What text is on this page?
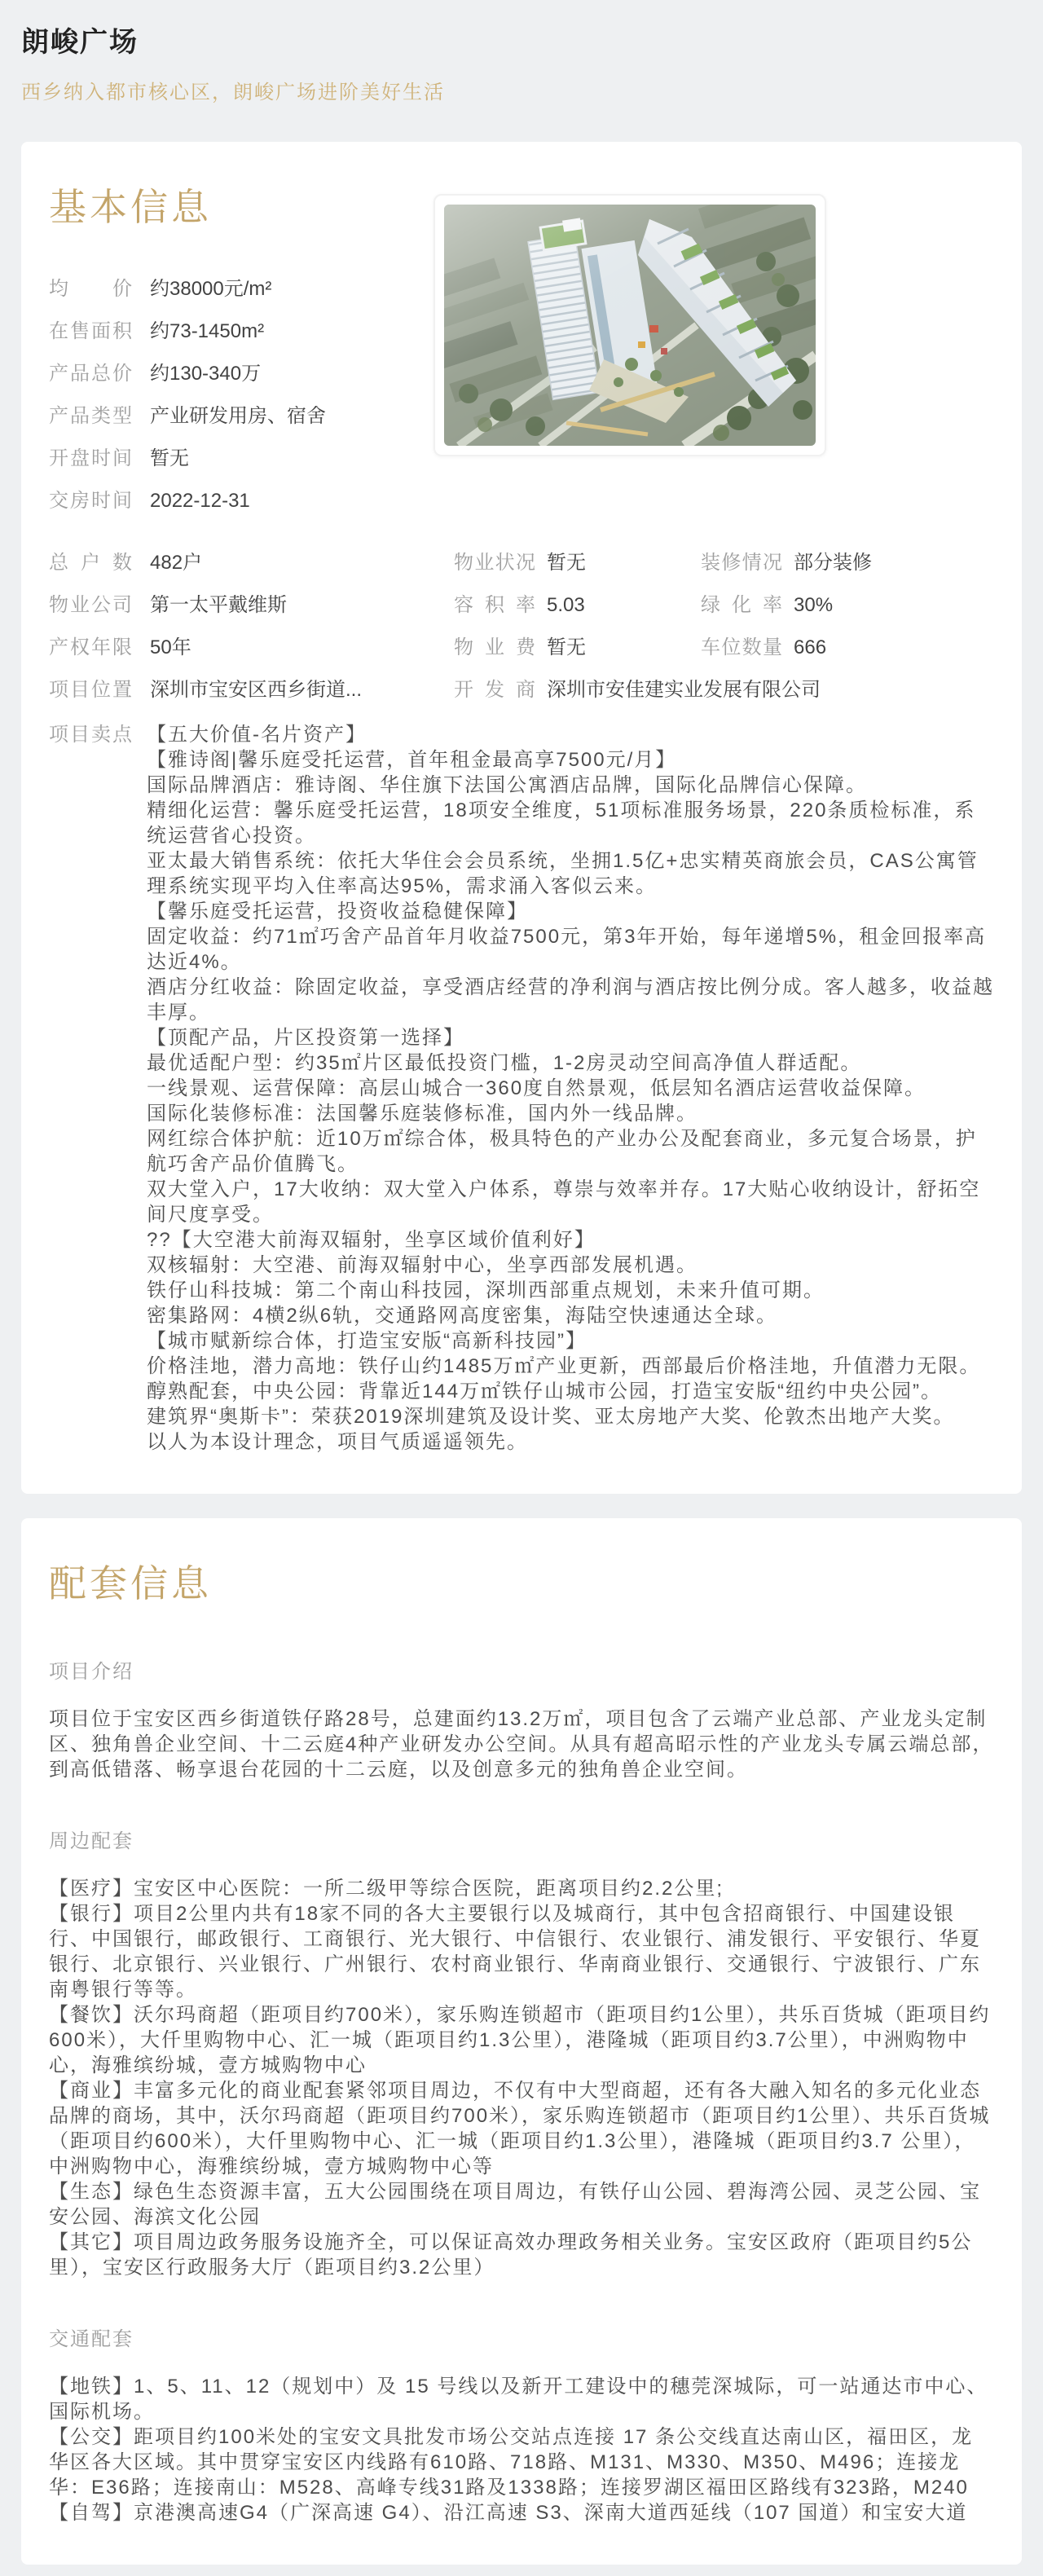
朗峻广场
西乡纳入都市核心区，朗峻广场进阶美好生活
基本信息
均价 约38000元/m²
在售面积 约73-1450m²
产品总价 约130-340万
产品类型 产业研发用房、宿舍
开盘时间 暂无
交房时间 2022-12-31
总户数 482户	物业状况 暂无	装修情况 部分装修
物业公司 第一太平戴维斯	容积率 5.03	绿化率 30%
产权年限 50年	物业费 暂无	车位数量 666
项目位置 深圳市宝安区西乡街道...	开发商 深圳市安佳建实业发展有限公司
项目卖点 【五大价值-名片资产】

【雅诗阁|馨乐庭受托运营，首年租金最高享7500元/月】

国际品牌酒店：雅诗阁、华住旗下法国公寓酒店品牌，国际化品牌信心保障。

精细化运营：馨乐庭受托运营，18项安全维度，51项标准服务场景，220条质检标准，系统运营省心投资。

亚太最大销售系统：依托大华住会会员系统，坐拥1.5亿+忠实精英商旅会员，CAS公寓管理系统实现平均入住率高达95%，需求涌入客似云来。

【馨乐庭受托运营，投资收益稳健保障】

固定收益：约71㎡巧舍产品首年月收益7500元，第3年开始，每年递增5%，租金回报率高达近4%。

酒店分红收益：除固定收益，享受酒店经营的净利润与酒店按比例分成。客人越多，收益越丰厚。

【顶配产品，片区投资第一选择】

最优适配户型：约35㎡片区最低投资门槛，1-2房灵动空间高净值人群适配。

一线景观、运营保障：高层山城合一360度自然景观，低层知名酒店运营收益保障。

国际化装修标准：法国馨乐庭装修标准，国内外一线品牌。

网红综合体护航：近10万㎡综合体，极具特色的产业办公及配套商业，多元复合场景，护航巧舍产品价值腾飞。

双大堂入户，17大收纳：双大堂入户体系，尊崇与效率并存。17大贴心收纳设计，舒拓空间尺度享受。

??【大空港大前海双辐射，坐享区域价值利好】

双核辐射：大空港、前海双辐射中心，坐享西部发展机遇。

铁仔山科技城：第二个南山科技园，深圳西部重点规划，未来升值可期。

密集路网：4横2纵6轨，交通路网高度密集，海陆空快速通达全球。

【城市赋新综合体，打造宝安版“高新科技园”】

价格洼地，潜力高地：铁仔山约1485万㎡产业更新，西部最后价格洼地，升值潜力无限。

醇熟配套，中央公园：背靠近144万㎡铁仔山城市公园，打造宝安版“纽约中央公园”。

建筑界“奥斯卡”：荣获2019深圳建筑及设计奖、亚太房地产大奖、伦敦杰出地产大奖。

以人为本设计理念，项目气质遥遥领先。

配套信息
项目介绍

项目位于宝安区西乡街道铁仔路28号，总建面约13.2万㎡，项目包含了云端产业总部、产业龙头定制区、独角兽企业空间、十二云庭4种产业研发办公空间。从具有超高昭示性的产业龙头专属云端总部，到高低错落、畅享退台花园的十二云庭，以及创意多元的独角兽企业空间。

周边配套

【医疗】宝安区中心医院：一所二级甲等综合医院，距离项目约2.2公里;

【银行】项目2公里内共有18家不同的各大主要银行以及城商行，其中包含招商银行、中国建设银行、中国银行，邮政银行、工商银行、光大银行、中信银行、农业银行、浦发银行、平安银行、华夏银行、北京银行、兴业银行、广州银行、农村商业银行、华南商业银行、交通银行、宁波银行、广东南粤银行等等。

【餐饮】沃尔玛商超（距项目约700米），家乐购连锁超市（距项目约1公里），共乐百货城（距项目约600米），大仟里购物中心、汇一城（距项目约1.3公里），港隆城（距项目约3.7公里），中洲购物中心，海雅缤纷城，壹方城购物中心

【商业】丰富多元化的商业配套紧邻项目周边，不仅有中大型商超，还有各大融入知名的多元化业态品牌的商场，其中，沃尔玛商超（距项目约700米），家乐购连锁超市（距项目约1公里）、共乐百货城（距项目约600米），大仟里购物中心、汇一城（距项目约1.3公里），港隆城（距项目约3.7 公里），中洲购物中心，海雅缤纷城，壹方城购物中心等

【生态】绿色生态资源丰富，五大公园围绕在项目周边，有铁仔山公园、碧海湾公园、灵芝公园、宝安公园、海滨文化公园

【其它】项目周边政务服务设施齐全，可以保证高效办理政务相关业务。宝安区政府（距项目约5公里），宝安区行政服务大厅（距项目约3.2公里）

交通配套

【地铁】1、5、11、12（规划中）及 15 号线以及新开工建设中的穗莞深城际，可一站通达市中心、国际机场。

【公交】距项目约100米处的宝安文具批发市场公交站点连接 17 条公交线直达南山区，福田区，龙华区各大区域。其中贯穿宝安区内线路有610路、718路、M131、M330、M350、M496；连接龙华：E36路；连接南山：M528、高峰专线31路及1338路；连接罗湖区福田区路线有323路，M240

【自驾】京港澳高速G4（广深高速 G4）、沿江高速 S3、深南大道西延线（107 国道）和宝安大道
